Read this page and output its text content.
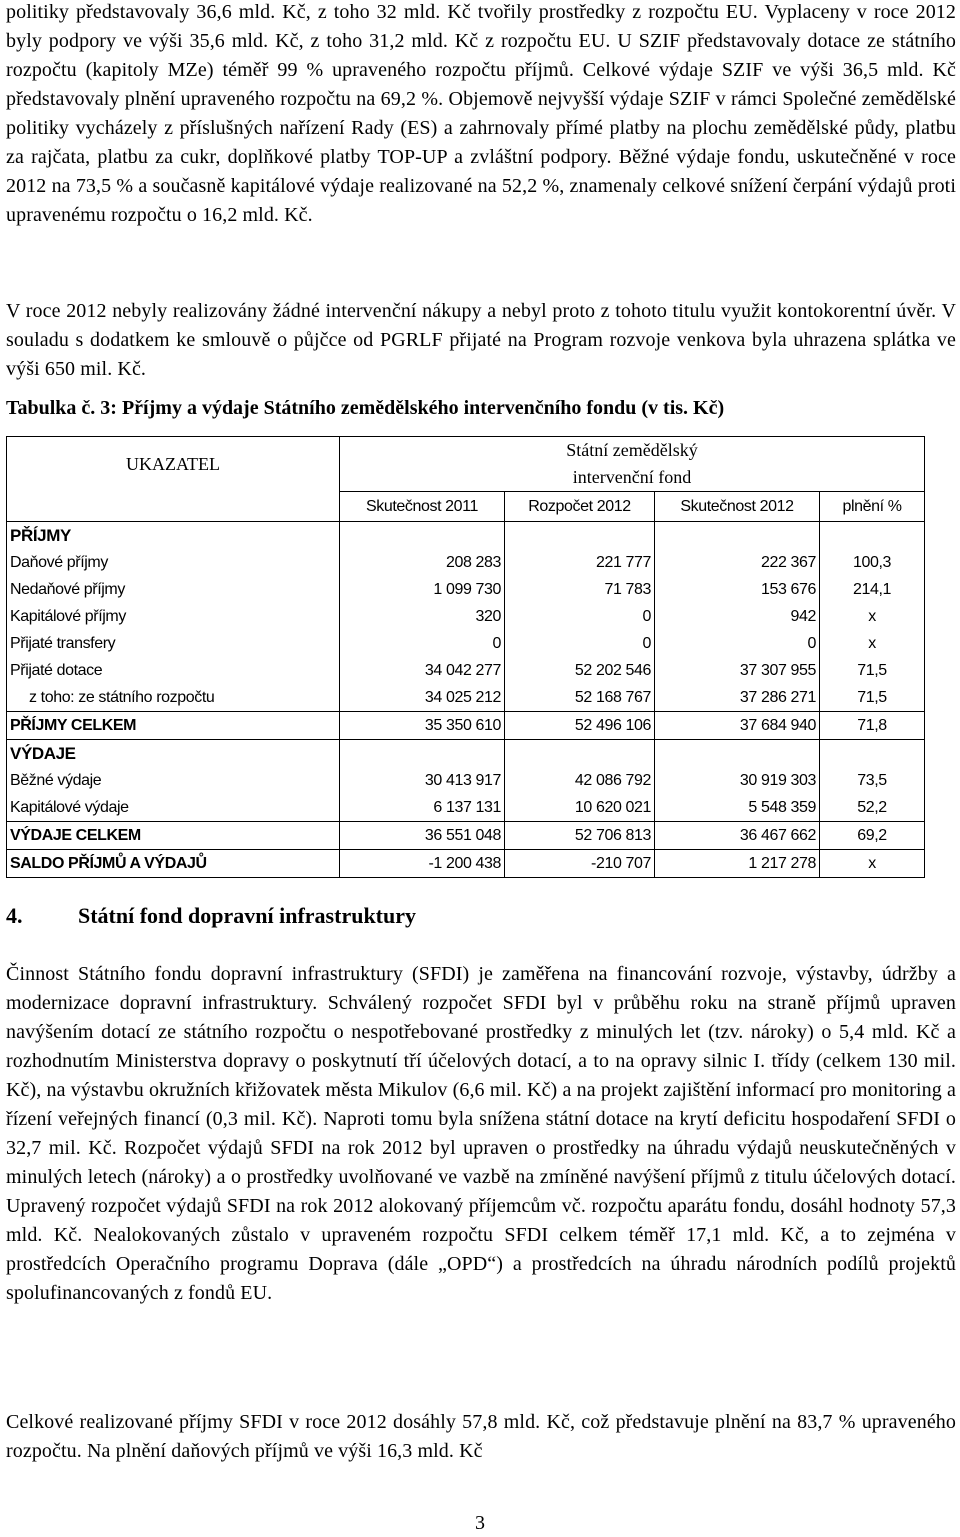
politiky představovaly 36,6 mld. Kč, z toho 32 mld. Kč tvořily prostředky z rozpočtu EU. Vyplaceny v roce 2012 byly podpory ve výši 35,6 mld. Kč, z toho 31,2 mld. Kč z rozpočtu EU. U SZIF představovaly dotace ze státního rozpočtu (kapitoly MZe) téměř 99 % upraveného rozpočtu příjmů. Celkové výdaje SZIF ve výši 36,5 mld. Kč představovaly plnění upraveného rozpočtu na 69,2 %. Objemově nejvyšší výdaje SZIF v rámci Společné zemědělské politiky vycházely z příslušných nařízení Rady (ES) a zahrnovaly přímé platby na plochu zemědělské půdy, platbu za rajčata, platbu za cukr, doplňkové platby TOP-UP a zvláštní podpory. Běžné výdaje fondu, uskutečněné v roce 2012 na 73,5 % a současně kapitálové výdaje realizované na 52,2 %, znamenaly celkové snížení čerpání výdajů proti upravenému rozpočtu o 16,2 mld. Kč.

V roce 2012 nebyly realizovány žádné intervenční nákupy a nebyl proto z tohoto titulu využit kontokorentní úvěr. V souladu s dodatkem ke smlouvě o půjčce od PGRLF přijaté na Program rozvoje venkova byla uhrazena splátka ve výši 650 mil. Kč.

Tabulka č. 3: Příjmy a výdaje Státního zemědělského intervenčního fondu (v tis. Kč)

UKAZATEL	Státní zemědělský			
	intervenční fond			
	Skutečnost 2011	Rozpočet 2012	Skutečnost 2012	plnění %
PŘÍJMY				
Daňové příjmy	208 283	221 777	222 367	100,3
Nedaňové příjmy	1 099 730	71 783	153 676	214,1
Kapitálové příjmy	320	0	942	x
Přijaté transfery	0	0	0	x
Přijaté dotace	34 042 277	52 202 546	37 307 955	71,5
z toho: ze státního rozpočtu	34 025 212	52 168 767	37 286 271	71,5
PŘÍJMY CELKEM	35 350 610	52 496 106	37 684 940	71,8
VÝDAJE				
Běžné výdaje	30 413 917	42 086 792	30 919 303	73,5
Kapitálové výdaje	6 137 131	10 620 021	5 548 359	52,2
VÝDAJE CELKEM	36 551 048	52 706 813	36 467 662	69,2
SALDO PŘÍJMŮ A VÝDAJŮ	-1 200 438	-210 707	1 217 278	x
4.	Státní fond dopravní infrastruktury

Činnost Státního fondu dopravní infrastruktury (SFDI) je zaměřena na financování rozvoje, výstavby, údržby a modernizace dopravní infrastruktury. Schválený rozpočet SFDI byl v průběhu roku na straně příjmů upraven navýšením dotací ze státního rozpočtu o nespotřebované prostředky z minulých let (tzv. nároky) o 5,4 mld. Kč a rozhodnutím Ministerstva dopravy o poskytnutí tří účelových dotací, a to na opravy silnic I. třídy (celkem 130 mil. Kč), na výstavbu okružních křižovatek města Mikulov (6,6 mil. Kč) a na projekt zajištění informací pro monitoring a řízení veřejných financí (0,3 mil. Kč). Naproti tomu byla snížena státní dotace na krytí deficitu hospodaření SFDI o 32,7 mil. Kč. Rozpočet výdajů SFDI na rok 2012 byl upraven o prostředky na úhradu výdajů neuskutečněných v minulých letech (nároky) a o prostředky uvolňované ve vazbě na zmíněné navýšení příjmů z titulu účelových dotací. Upravený rozpočet výdajů SFDI na rok 2012 alokovaný příjemcům vč. rozpočtu aparátu fondu, dosáhl hodnoty 57,3 mld. Kč. Nealokovaných zůstalo v upraveném rozpočtu SFDI celkem téměř 17,1 mld. Kč, a to zejména v prostředcích Operačního programu Doprava (dále „OPD“) a prostředcích na úhradu národních podílů projektů spolufinancovaných z fondů EU.

Celkové realizované příjmy SFDI v roce 2012 dosáhly 57,8 mld. Kč, což představuje plnění na 83,7 % upraveného rozpočtu. Na plnění daňových příjmů ve výši 16,3 mld. Kč

3
